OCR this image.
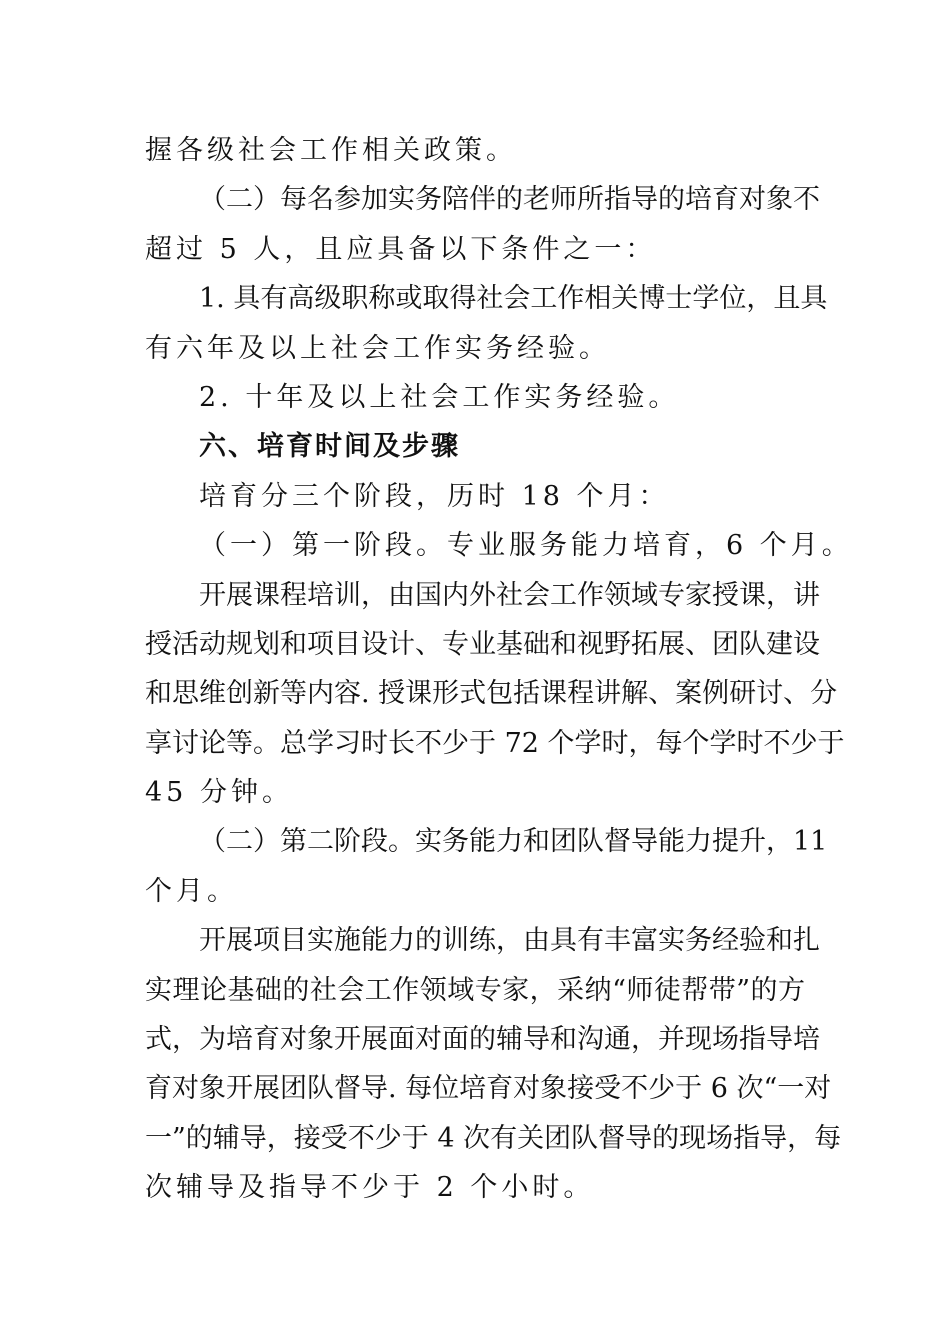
握各级社会工作相关政策。
（二）每名参加实务陪伴的老师所指导的培育对象不
超过 5 人，且应具备以下条件之一：
1. 具有高级职称或取得社会工作相关博士学位，且具
有六年及以上社会工作实务经验。
2. 十年及以上社会工作实务经验。
六、培育时间及步骤
培育分三个阶段，历时 18 个月：
（一）第一阶段。专业服务能力培育，6 个月。
开展课程培训，由国内外社会工作领域专家授课，讲
授活动规划和项目设计、专业基础和视野拓展、团队建设
和思维创新等内容. 授课形式包括课程讲解、案例研讨、分
享讨论等。总学习时长不少于 72 个学时，每个学时不少于
45 分钟。
（二）第二阶段。实务能力和团队督导能力提升，11
个月。
开展项目实施能力的训练，由具有丰富实务经验和扎
实理论基础的社会工作领域专家，采纳“师徒帮带”的方
式，为培育对象开展面对面的辅导和沟通，并现场指导培
育对象开展团队督导. 每位培育对象接受不少于 6 次“一对
一”的辅导，接受不少于 4 次有关团队督导的现场指导，每
次辅导及指导不少于 2 个小时。
